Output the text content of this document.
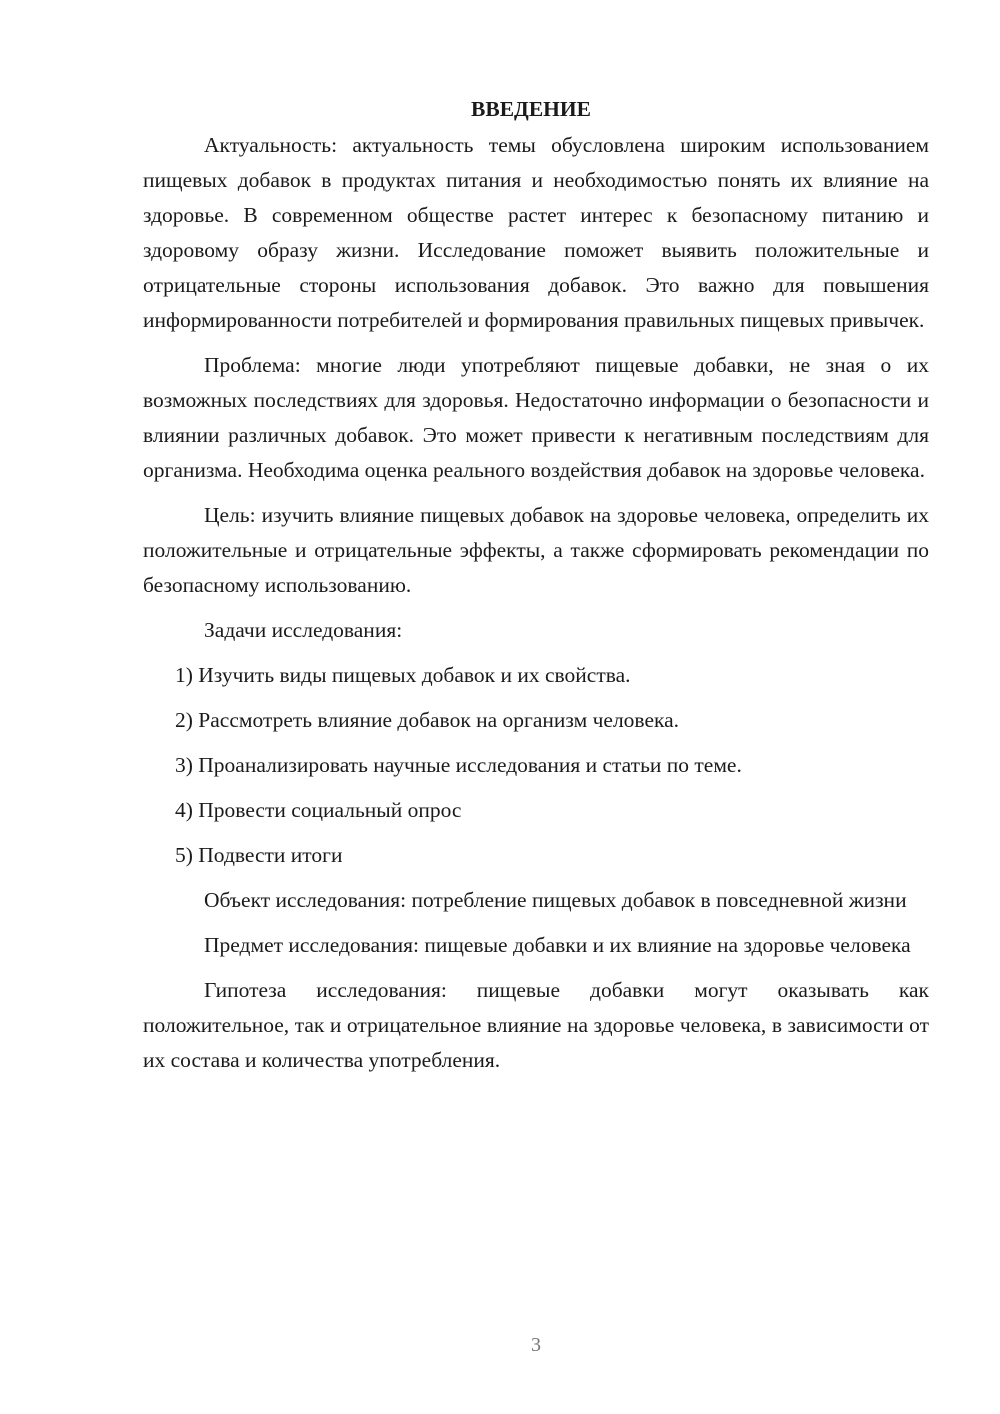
ВВЕДЕНИЕ

Актуальность: актуальность темы обусловлена широким использованием пищевых добавок в продуктах питания и необходимостью понять их влияние на здоровье. В современном обществе растет интерес к безопасному питанию и здоровому образу жизни. Исследование поможет выявить положительные и отрицательные стороны использования добавок. Это важно для повышения информированности потребителей и формирования правильных пищевых привычек.

Проблема: многие люди употребляют пищевые добавки, не зная о их возможных последствиях для здоровья. Недостаточно информации о безопасности и влиянии различных добавок. Это может привести к негативным последствиям для организма. Необходима оценка реального воздействия добавок на здоровье человека.

Цель: изучить влияние пищевых добавок на здоровье человека, определить их положительные и отрицательные эффекты, а также сформировать рекомендации по безопасному использованию.

Задачи исследования:

1) Изучить виды пищевых добавок и их свойства.
2) Рассмотреть влияние добавок на организм человека.
3) Проанализировать научные исследования и статьи по теме.
4) Провести социальный опрос
5) Подвести итоги

Объект исследования: потребление пищевых добавок в повседневной жизни

Предмет исследования: пищевые добавки и их влияние на здоровье человека

Гипотеза исследования: пищевые добавки могут оказывать как положительное, так и отрицательное влияние на здоровье человека, в зависимости от их состава и количества употребления.

3
